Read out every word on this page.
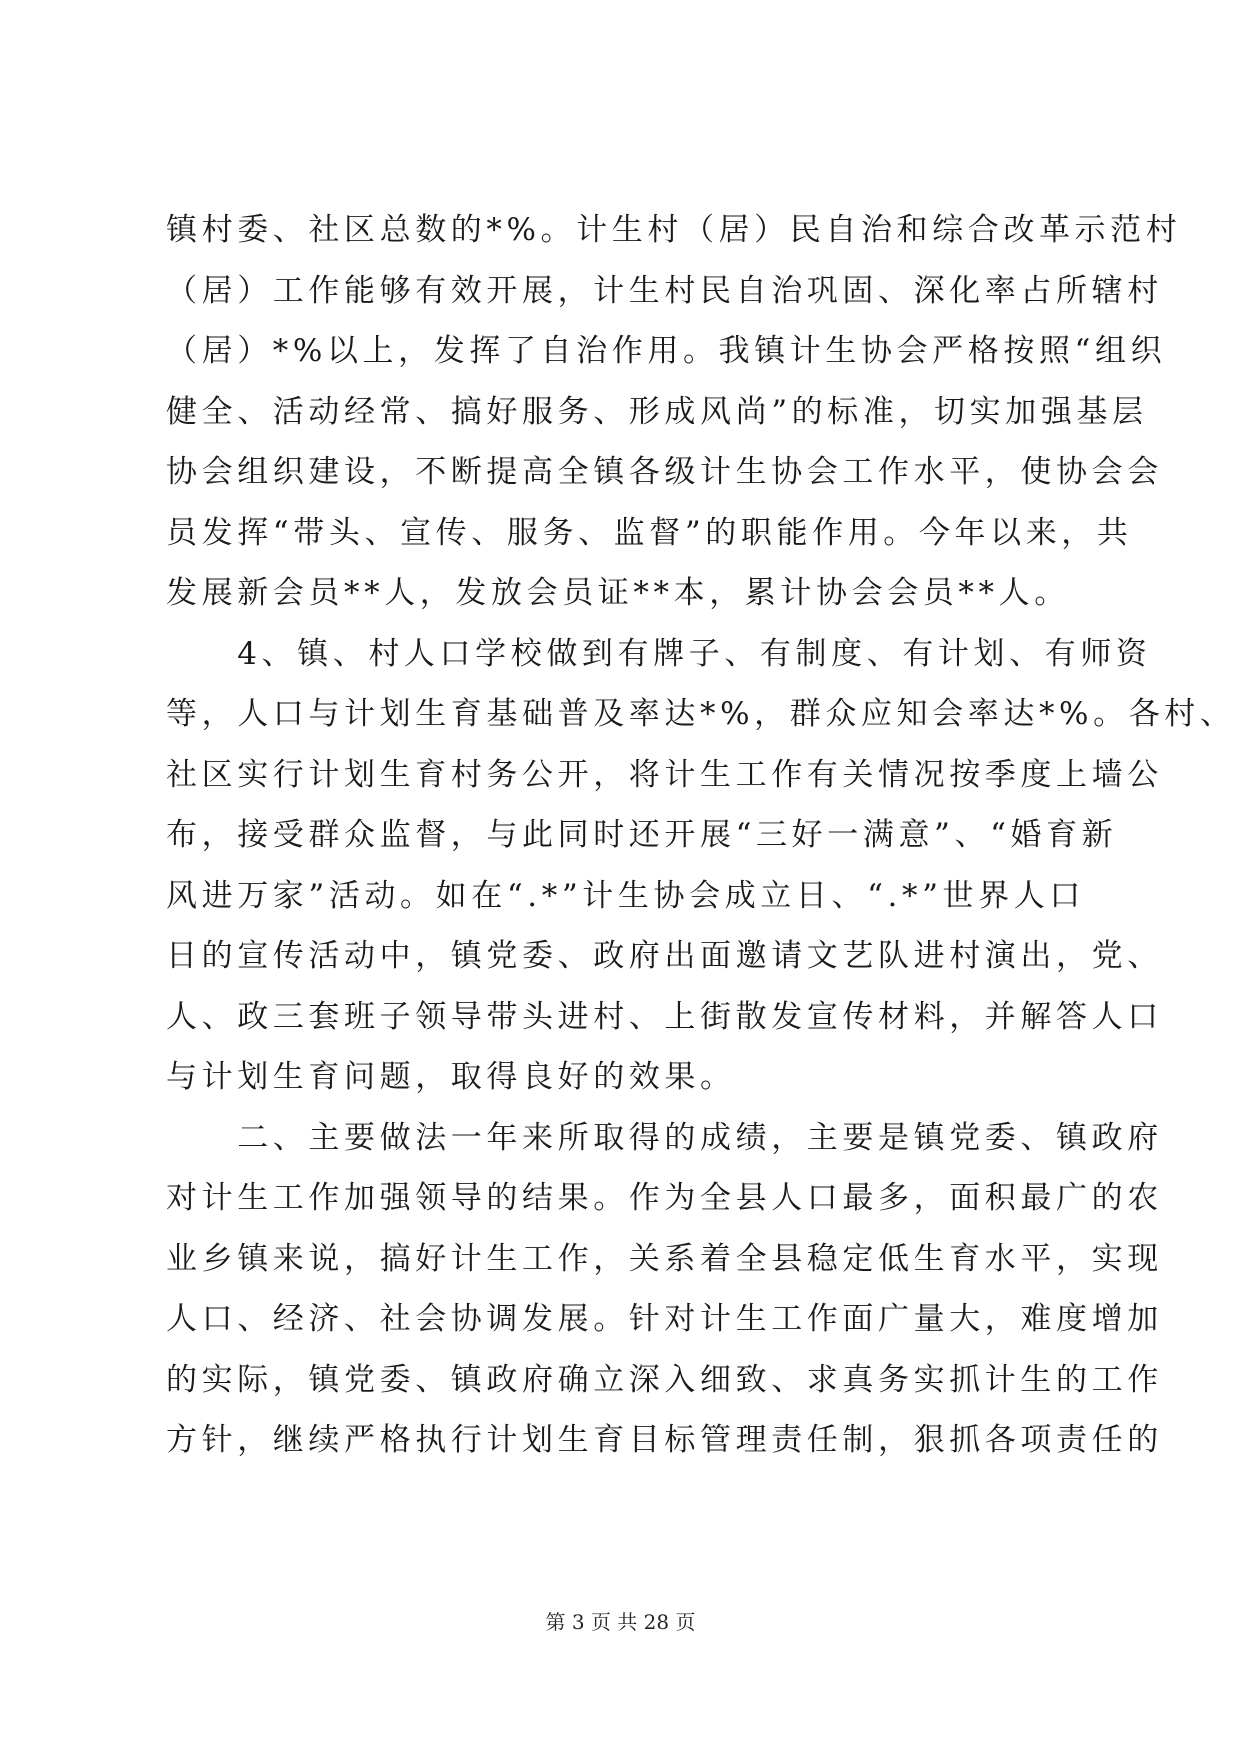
镇村委、社区总数的*%。计生村（居）民自治和综合改革示范村
（居）工作能够有效开展，计生村民自治巩固、深化率占所辖村
（居）*%以上，发挥了自治作用。我镇计生协会严格按照“组织
健全、活动经常、搞好服务、形成风尚”的标准，切实加强基层
协会组织建设，不断提高全镇各级计生协会工作水平，使协会会
员发挥“带头、宣传、服务、监督”的职能作用。今年以来，共
发展新会员**人，发放会员证**本，累计协会会员**人。
　　4、镇、村人口学校做到有牌子、有制度、有计划、有师资
等，人口与计划生育基础普及率达*%，群众应知会率达*%。各村、
社区实行计划生育村务公开，将计生工作有关情况按季度上墙公
布，接受群众监督，与此同时还开展“三好一满意”、“婚育新
风进万家”活动。如在“.*”计生协会成立日、“.*”世界人口
日的宣传活动中，镇党委、政府出面邀请文艺队进村演出，党、
人、政三套班子领导带头进村、上街散发宣传材料，并解答人口
与计划生育问题，取得良好的效果。
　　二、主要做法一年来所取得的成绩，主要是镇党委、镇政府
对计生工作加强领导的结果。作为全县人口最多，面积最广的农
业乡镇来说，搞好计生工作，关系着全县稳定低生育水平，实现
人口、经济、社会协调发展。针对计生工作面广量大，难度增加
的实际，镇党委、镇政府确立深入细致、求真务实抓计生的工作
方针，继续严格执行计划生育目标管理责任制，狠抓各项责任的
第 3 页 共 28 页
